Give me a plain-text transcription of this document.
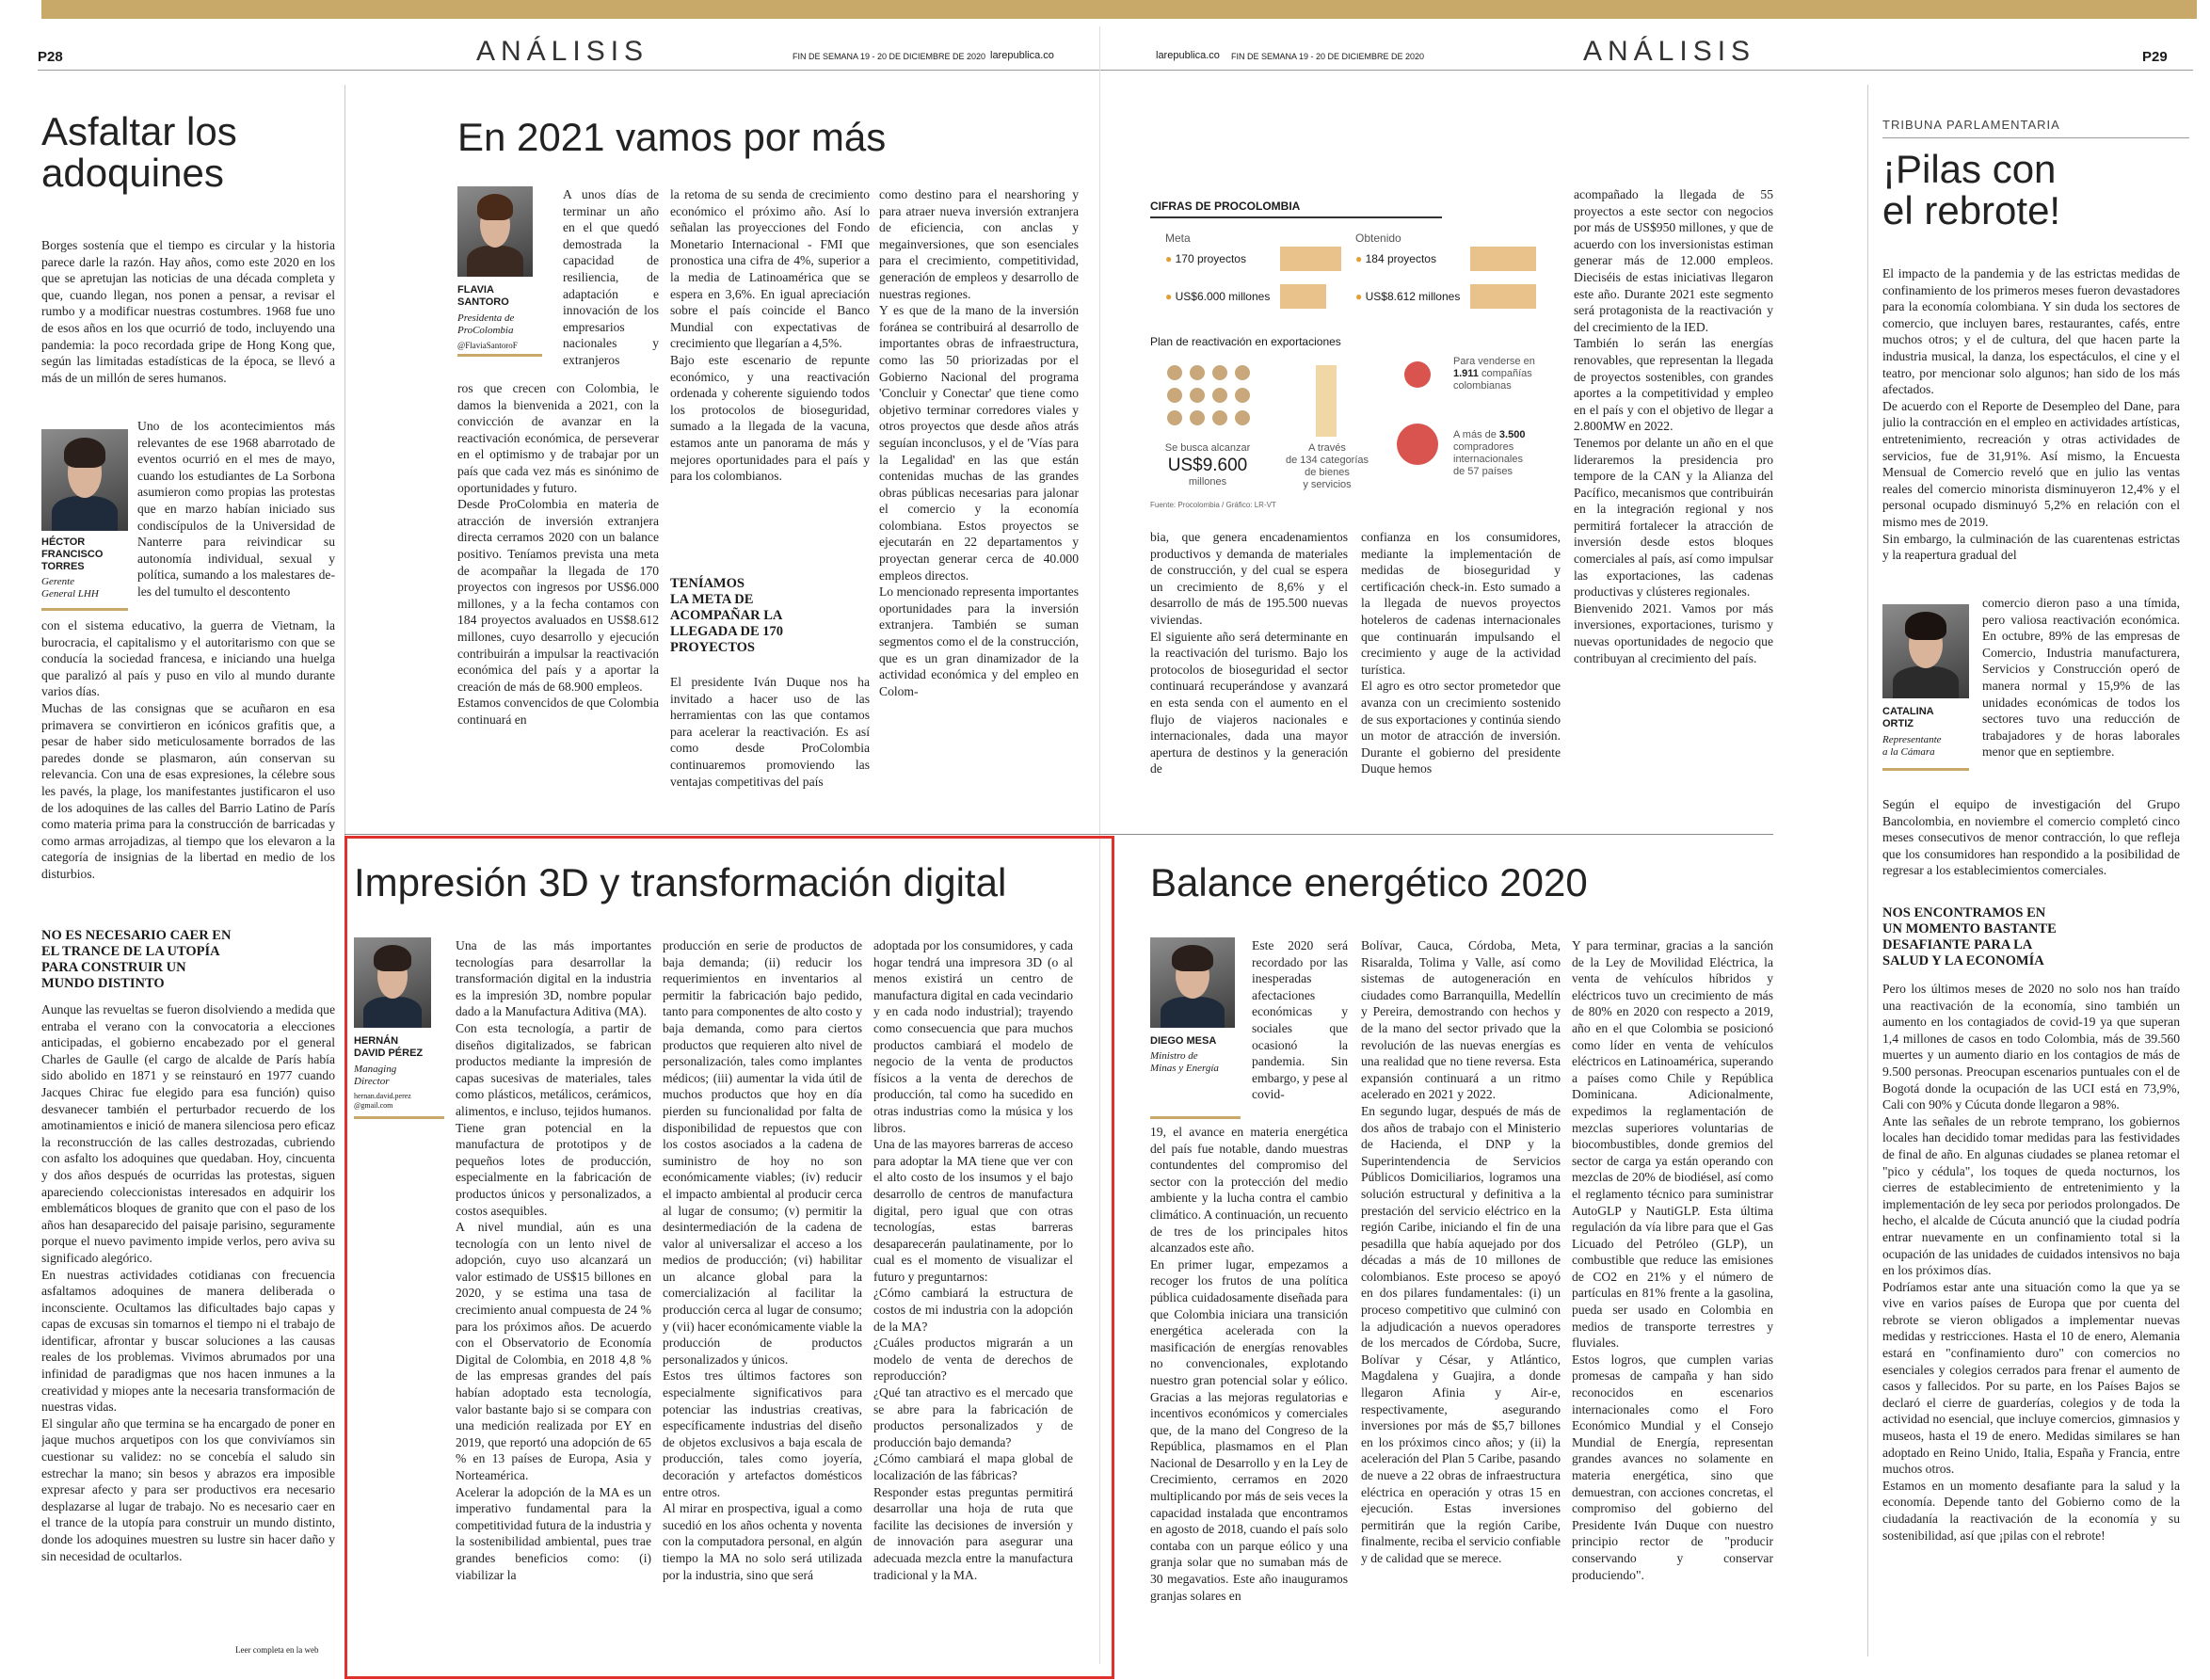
P28	ANÁLISIS	FIN DE SEMANA 19 - 20 DE DICIEMBRE DE 2020 larepublica.co	larepublica.co FIN DE SEMANA 19 - 20 DE DICIEMBRE DE 2020	ANÁLISIS	P29
Asfaltar los
adoquines
Borges sostenía que el tiempo es circular y la historia parece darle la razón. Hay años, como este 2020 en los que se apretujan las noticias de una década completa y que, cuando llegan, nos ponen a pensar, a revisar el rumbo y a modificar nuestras costumbres. 1968 fue uno de esos años en los que ocurrió de todo, incluyendo una pandemia: la poco recordada gripe de Hong Kong que, según las limitadas estadísticas de la época, se llevó a más de un millón de seres humanos.
HÉCTOR
FRANCISCO
TORRES
Gerente
General LHH
Uno de los acontecimientos más relevantes de ese 1968 abarrotado de eventos ocurrió en el mes de mayo, cuando los estudiantes de La Sorbona asumieron como propias las protestas que en marzo habían iniciado sus condiscípulos de la Universidad de Nanterre para reivindicar su autonomía individual, sexual y política, sumando a los malestares de-les del tumulto el descontento
con el sistema educativo, la guerra de Vietnam, la burocracia, el capitalismo y el autoritarismo con que se conducía la sociedad francesa, e iniciando una huelga que paralizó al país y puso en vilo al mundo durante varios días.
Muchas de las consignas que se acuñaron en esa primavera se convirtieron en icónicos grafitis que, a pesar de haber sido meticulosamente borrados de las paredes donde se plasmaron, aún conservan su relevancia. Con una de esas expresiones, la célebre sous les pavés, la plage, los manifestantes justificaron el uso de los adoquines de las calles del Barrio Latino de París como materia prima para la construcción de barricadas y como armas arrojadizas, al tiempo que los elevaron a la categoría de insignias de la libertad en medio de los disturbios.
NO ES NECESARIO CAER EN
EL TRANCE DE LA UTOPÍA
PARA CONSTRUIR UN
MUNDO DISTINTO
Aunque las revueltas se fueron disolviendo a medida que entraba el verano con la convocatoria a elecciones anticipadas, el gobierno encabezado por el general Charles de Gaulle (el cargo de alcalde de París había sido abolido en 1871 y se reinstauró en 1977 cuando Jacques Chirac fue elegido para esa función) quiso desvanecer también el perturbador recuerdo de los amotinamientos e inició de manera silenciosa pero eficaz la reconstrucción de las calles destrozadas, cubriendo con asfalto los adoquines que quedaban. Hoy, cincuenta y dos años después de ocurridas las protestas, siguen apareciendo coleccionistas interesados en adquirir los emblemáticos bloques de granito que con el paso de los años han desaparecido del paisaje parisino, seguramente porque el nuevo pavimento impide verlos, pero aviva su significado alegórico.
En nuestras actividades cotidianas con frecuencia asfaltamos adoquines de manera deliberada o inconsciente. Ocultamos las dificultades bajo capas y capas de excusas sin tomarnos el tiempo ni el trabajo de identificar, afrontar y buscar soluciones a las causas reales de los problemas. Vivimos abrumados por una infinidad de paradigmas que nos hacen inmunes a la creatividad y miopes ante la necesaria transformación de nuestras vidas.
El singular año que termina se ha encargado de poner en jaque muchos arquetipos con los que convivíamos sin cuestionar su validez: no se concebía el saludo sin estrechar la mano; sin besos y abrazos era imposible expresar afecto y para ser productivos era necesario desplazarse al lugar de trabajo. No es necesario caer en el trance de la utopía para construir un mundo distinto, donde los adoquines muestren su lustre sin hacer daño y sin necesidad de ocultarlos.
Leer completa en la web
En 2021 vamos por más
FLAVIA
SANTORO
Presidenta de
ProColombia
@FlaviaSantoroF
A unos días de terminar un año en el que quedó demostrada la capacidad de resiliencia, de adaptación e innovación de los empresarios nacionales y extranjeros
ros que crecen con Colombia, le damos la bienvenida a 2021, con la convicción de avanzar en la reactivación económica, de perseverar en el optimismo y de trabajar por un país que cada vez más es sinónimo de oportunidades y futuro.
Desde ProColombia en materia de atracción de inversión extranjera directa cerramos 2020 con un balance positivo. Teníamos prevista una meta de acompañar la llegada de 170 proyectos con ingresos por US$6.000 millones, y a la fecha contamos con 184 proyectos avaluados en US$8.612 millones, cuyo desarrollo y ejecución contribuirán a impulsar la reactivación económica del país y a aportar la creación de más de 68.900 empleos.
Estamos convencidos de que Colombia continuará en
la retoma de su senda de crecimiento económico el próximo año. Así lo señalan las proyecciones del Fondo Monetario Internacional - FMI que pronostica una cifra de 4%, superior a la media de Latinoamérica que se espera en 3,6%. En igual apreciación sobre el país coincide el Banco Mundial con expectativas de crecimiento que llegarían a 4,5%.
Bajo este escenario de repunte económico, y una reactivación ordenada y coherente siguiendo todos los protocolos de bioseguridad, sumado a la llegada de la vacuna, estamos ante un panorama de más y mejores oportunidades para el país y para los colombianos.
TENÍAMOS
LA META DE
ACOMPAÑAR LA
LLEGADA DE 170
PROYECTOS
El presidente Iván Duque nos ha invitado a hacer uso de las herramientas con las que contamos para acelerar la reactivación. Es así como desde ProColombia continuaremos promoviendo las ventajas competitivas del país
como destino para el nearshoring y para atraer nueva inversión extranjera de eficiencia, con anclas y megainversiones, que son esenciales para el crecimiento, competitividad, generación de empleos y desarrollo de nuestras regiones.
Y es que de la mano de la inversión foránea se contribuirá al desarrollo de importantes obras de infraestructura, como las 50 priorizadas por el Gobierno Nacional del programa 'Concluir y Conectar' que tiene como objetivo terminar corredores viales y otros proyectos que desde años atrás seguían inconclusos, y el de 'Vías para la Legalidad' en las que están contenidas muchas de las grandes obras públicas necesarias para jalonar el comercio y la economía colombiana. Estos proyectos se ejecutarán en 22 departamentos y proyectan generar cerca de 40.000 empleos directos.
Lo mencionado representa importantes oportunidades para la inversión extranjera. También se suman segmentos como el de la construcción, que es un gran dinamizador de la actividad económica y del empleo en Colom-
CIFRAS DE PROCOLOMBIA
Meta	Obtenido
● 170 proyectos
● US$6.000 millones
● 184 proyectos
● US$8.612 millones
Plan de reactivación en exportaciones
Se busca alcanzar
US$9.600
millones
A través
de 134 categorías
de bienes
y servicios
Para venderse en
1.911 compañías
colombianas
A más de 3.500
compradores
internacionales
de 57 países
Fuente: Procolombia / Gráfico: LR-VT
bia, que genera encadenamientos productivos y demanda de materiales de construcción, y del cual se espera un crecimiento de 8,6% y el desarrollo de más de 195.500 nuevas viviendas.
El siguiente año será determinante en la reactivación del turismo. Bajo los protocolos de bioseguridad el sector continuará recuperándose y avanzará en esta senda con el aumento en el flujo de viajeros nacionales e internacionales, dada una mayor apertura de destinos y la generación de
confianza en los consumidores, mediante la implementación de medidas de bioseguridad y certificación check-in. Esto sumado a la llegada de nuevos proyectos hoteleros de cadenas internacionales que continuarán impulsando el crecimiento y auge de la actividad turística.
El agro es otro sector prometedor que avanza con un crecimiento sostenido de sus exportaciones y continúa siendo un motor de atracción de inversión. Durante el gobierno del presidente Duque hemos
acompañado la llegada de 55 proyectos a este sector con negocios por más de US$950 millones, y que de acuerdo con los inversionistas estiman generar más de 12.000 empleos. Dieciséis de estas iniciativas llegaron este año. Durante 2021 este segmento será protagonista de la reactivación y del crecimiento de la IED.
También lo serán las energías renovables, que representan la llegada de proyectos sostenibles, con grandes aportes a la competitividad y empleo en el país y con el objetivo de llegar a 2.800MW en 2022.
Tenemos por delante un año en el que lideraremos la presidencia pro tempore de la CAN y la Alianza del Pacífico, mecanismos que contribuirán en la integración regional y nos permitirá fortalecer la atracción de inversión desde estos bloques comerciales al país, así como impulsar las exportaciones, las cadenas productivas y clústeres regionales.
Bienvenido 2021. Vamos por más inversiones, exportaciones, turismo y nuevas oportunidades de negocio que contribuyan al crecimiento del país.
Impresión 3D y transformación digital
HERNÁN
DAVID PÉREZ
Managing
Director
hernan.david.perez
@gmail.com
Una de las más importantes tecnologías para desarrollar la transformación digital en la industria es la impresión 3D, nombre popular dado a la Manufactura Aditiva (MA).
Con esta tecnología, a partir de diseños digitalizados, se fabrican productos mediante la impresión de capas sucesivas de materiales, tales como plásticos, metálicos, cerámicos, alimentos, e incluso, tejidos humanos. Tiene gran potencial en la manufactura de prototipos y de pequeños lotes de producción, especialmente en la fabricación de productos únicos y personalizados, a costos asequibles.
A nivel mundial, aún es una tecnología con un lento nivel de adopción, cuyo uso alcanzará un valor estimado de US$15 billones en 2020, y se estima una tasa de crecimiento anual compuesta de 24 % para los próximos años. De acuerdo con el Observatorio de Economía Digital de Colombia, en 2018 4,8 % de las empresas grandes del país habían adoptado esta tecnología, valor bastante bajo si se compara con una medición realizada por EY en 2019, que reportó una adopción de 65 % en 13 países de Europa, Asia y Norteamérica.
Acelerar la adopción de la MA es un imperativo fundamental para la competitividad futura de la industria y la sostenibilidad ambiental, pues trae grandes beneficios como: (i) viabilizar la
producción en serie de productos de baja demanda; (ii) reducir los requerimientos en inventarios al permitir la fabricación bajo pedido, tanto para componentes de alto costo y baja demanda, como para ciertos productos que requieren alto nivel de personalización, tales como implantes médicos; (iii) aumentar la vida útil de muchos productos que hoy en día pierden su funcionalidad por falta de disponibilidad de repuestos que con los costos asociados a la cadena de suministro de hoy no son económicamente viables; (iv) reducir el impacto ambiental al producir cerca al lugar de consumo; (v) permitir la desintermediación de la cadena de valor al universalizar el acceso a los medios de producción; (vi) habilitar un alcance global para la comercialización al facilitar la producción cerca al lugar de consumo; y (vii) hacer económicamente viable la producción de productos personalizados y únicos.
Estos tres últimos factores son especialmente significativos para potenciar las industrias creativas, específicamente industrias del diseño de objetos exclusivos a baja escala de producción, tales como joyería, decoración y artefactos domésticos entre otros.
Al mirar en prospectiva, igual a como sucedió en los años ochenta y noventa con la computadora personal, en algún tiempo la MA no solo será utilizada por la industria, sino que será
adoptada por los consumidores, y cada hogar tendrá una impresora 3D (o al menos existirá un centro de manufactura digital en cada vecindario y en cada nodo industrial); trayendo como consecuencia que para muchos productos cambiará el modelo de negocio de la venta de productos físicos a la venta de derechos de producción, tal como ha sucedido en otras industrias como la música y los libros.
Una de las mayores barreras de acceso para adoptar la MA tiene que ver con el alto costo de los insumos y el bajo desarrollo de centros de manufactura digital, pero igual que con otras tecnologías, estas barreras desaparecerán paulatinamente, por lo cual es el momento de visualizar el futuro y preguntarnos:
¿Cómo cambiará la estructura de costos de mi industria con la adopción de la MA?
¿Cuáles productos migrarán a un modelo de venta de derechos de reproducción?
¿Qué tan atractivo es el mercado que se abre para la fabricación de productos personalizados y de producción bajo demanda?
¿Cómo cambiará el mapa global de localización de las fábricas?
Responder estas preguntas permitirá desarrollar una hoja de ruta que facilite las decisiones de inversión y de innovación para asegurar una adecuada mezcla entre la manufactura tradicional y la MA.
Balance energético 2020
DIEGO MESA
Ministro de
Minas y Energía
Este 2020 será recordado por las inesperadas afectaciones económicas y sociales que ocasionó la pandemia. Sin embargo, y pese al covid-
19, el avance en materia energética del país fue notable, dando muestras contundentes del compromiso del sector con la protección del medio ambiente y la lucha contra el cambio climático. A continuación, un recuento de tres de los principales hitos alcanzados este año.
En primer lugar, empezamos a recoger los frutos de una política pública cuidadosamente diseñada para que Colombia iniciara una transición energética acelerada con la masificación de energías renovables no convencionales, explotando nuestro gran potencial solar y eólico. Gracias a las mejoras regulatorias e incentivos económicos y comerciales que, de la mano del Congreso de la República, plasmamos en el Plan Nacional de Desarrollo y en la Ley de Crecimiento, cerramos en 2020 multiplicando por más de seis veces la capacidad instalada que encontramos en agosto de 2018, cuando el país solo contaba con un parque eólico y una granja solar que no sumaban más de 30 megavatios. Este año inauguramos granjas solares en
Bolívar, Cauca, Córdoba, Meta, Risaralda, Tolima y Valle, así como sistemas de autogeneración en ciudades como Barranquilla, Medellín y Pereira, demostrando con hechos y de la mano del sector privado que la revolución de las nuevas energías es una realidad que no tiene reversa. Esta expansión continuará a un ritmo acelerado en 2021 y 2022.
En segundo lugar, después de más de dos años de trabajo con el Ministerio de Hacienda, el DNP y la Superintendencia de Servicios Públicos Domiciliarios, logramos una solución estructural y definitiva a la prestación del servicio eléctrico en la región Caribe, iniciando el fin de una pesadilla que había aquejado por dos décadas a más de 10 millones de colombianos. Este proceso se apoyó en dos pilares fundamentales: (i) un proceso competitivo que culminó con la adjudicación a nuevos operadores de los mercados de Córdoba, Sucre, Bolívar y César, y Atlántico, Magdalena y Guajira, a donde llegaron Afinia y Air-e, respectivamente, asegurando inversiones por más de $5,7 billones en los próximos cinco años; y (ii) la aceleración del Plan 5 Caribe, pasando de nueve a 22 obras de infraestructura eléctrica en operación y otras 15 en ejecución. Estas inversiones permitirán que la región Caribe, finalmente, reciba el servicio confiable y de calidad que se merece.
Y para terminar, gracias a la sanción de la Ley de Movilidad Eléctrica, la venta de vehículos híbridos y eléctricos tuvo un crecimiento de más de 80% en 2020 con respecto a 2019, año en el que Colombia se posicionó como líder en venta de vehículos eléctricos en Latinoamérica, superando a países como Chile y República Dominicana. Adicionalmente, expedimos la reglamentación de mezclas superiores voluntarias de biocombustibles, donde gremios del sector de carga ya están operando con mezclas de 20% de biodiésel, así como el reglamento técnico para suministrar AutoGLP y NautiGLP. Esta última regulación da vía libre para que el Gas Licuado del Petróleo (GLP), un combustible que reduce las emisiones de CO2 en 21% y el número de partículas en 81% frente a la gasolina, pueda ser usado en Colombia en medios de transporte terrestres y fluviales.
Estos logros, que cumplen varias promesas de campaña y han sido reconocidos en escenarios internacionales como el Foro Económico Mundial y el Consejo Mundial de Energía, representan grandes avances no solamente en materia energética, sino que demuestran, con acciones concretas, el compromiso del gobierno del Presidente Iván Duque con nuestro principio rector de "producir conservando y conservar produciendo".
TRIBUNA PARLAMENTARIA
¡Pilas con
el rebrote!
El impacto de la pandemia y de las estrictas medidas de confinamiento de los primeros meses fueron devastadores para la economía colombiana. Y sin duda los sectores de comercio, que incluyen bares, restaurantes, cafés, entre muchos otros; y el de cultura, del que hacen parte la industria musical, la danza, los espectáculos, el cine y el teatro, por mencionar solo algunos; han sido de los más afectados.
De acuerdo con el Reporte de Desempleo del Dane, para julio la contracción en el empleo en actividades artísticas, entretenimiento, recreación y otras actividades de servicios, fue de 31,91%. Así mismo, la Encuesta Mensual de Comercio reveló que en julio las ventas reales del comercio minorista disminuyeron 12,4% y el personal ocupado disminuyó 5,2% en relación con el mismo mes de 2019.
Sin embargo, la culminación de las cuarentenas estrictas y la reapertura gradual del
CATALINA
ORTIZ
Representante
a la Cámara
comercio dieron paso a una tímida, pero valiosa reactivación económica. En octubre, 89% de las empresas de Comercio, Industria manufacturera, Servicios y Construcción operó de manera normal y 15,9% de las unidades económicas de todos los sectores tuvo una reducción de trabajadores y de horas laborales menor que en septiembre.
Según el equipo de investigación del Grupo Bancolombia, en noviembre el comercio completó cinco meses consecutivos de menor contracción, lo que refleja que los consumidores han respondido a la posibilidad de regresar a los establecimientos comerciales.
NOS ENCONTRAMOS EN
UN MOMENTO BASTANTE
DESAFIANTE PARA LA
SALUD Y LA ECONOMÍA
Pero los últimos meses de 2020 no solo nos han traído una reactivación de la economía, sino también un aumento en los contagiados de covid-19 ya que superan 1,4 millones de casos en todo Colombia, más de 39.560 muertes y un aumento diario en los contagios de más de 9.500 personas. Preocupan escenarios puntuales con el de Bogotá donde la ocupación de las UCI está en 73,9%, Cali con 90% y Cúcuta donde llegaron a 98%.
Ante las señales de un rebrote temprano, los gobiernos locales han decidido tomar medidas para las festividades de final de año. En algunas ciudades se planea retomar el "pico y cédula", los toques de queda nocturnos, los cierres de establecimiento de entretenimiento y la implementación de ley seca por periodos prolongados. De hecho, el alcalde de Cúcuta anunció que la ciudad podría entrar nuevamente en un confinamiento total si la ocupación de las unidades de cuidados intensivos no baja en los próximos días.
Podríamos estar ante una situación como la que ya se vive en varios países de Europa que por cuenta del rebrote se vieron obligados a implementar nuevas medidas y restricciones. Hasta el 10 de enero, Alemania estará en "confinamiento duro" con comercios no esenciales y colegios cerrados para frenar el aumento de casos y fallecidos. Por su parte, en los Países Bajos se declaró el cierre de guarderías, colegios y de toda la actividad no esencial, que incluye comercios, gimnasios y museos, hasta el 19 de enero. Medidas similares se han adoptado en Reino Unido, Italia, España y Francia, entre muchos otros.
Estamos en un momento desafiante para la salud y la economía. Depende tanto del Gobierno como de la ciudadanía la reactivación de la economía y su sostenibilidad, así que ¡pilas con el rebrote!
